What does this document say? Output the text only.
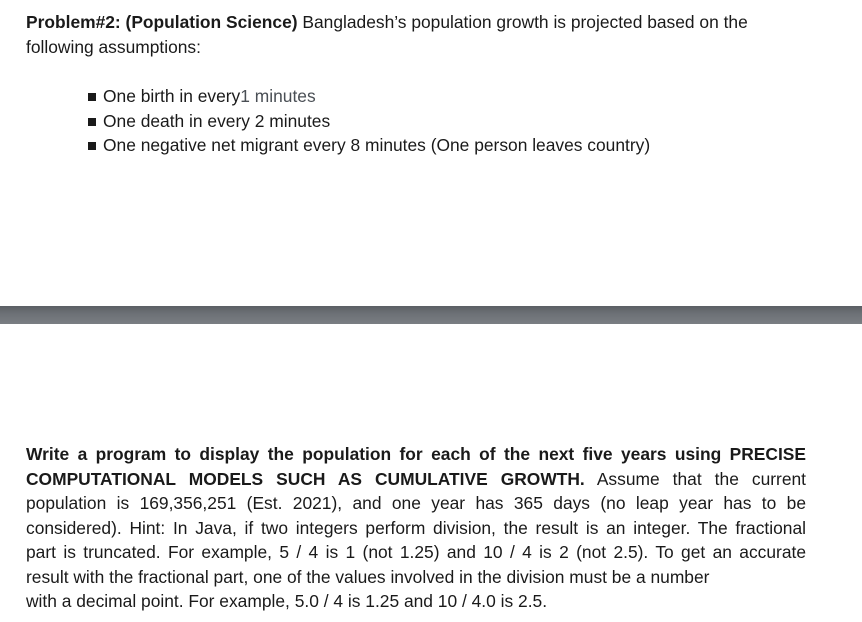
Problem#2: (Population Science) Bangladesh’s population growth is projected based on the following assumptions:

One birth in every 1 minutes
One death in every 2 minutes
One negative net migrant every 8 minutes (One person leaves country)
Write a program to display the population for each of the next five years using PRECISE
COMPUTATIONAL MODELS SUCH AS CUMULATIVE GROWTH. Assume that the current
population is 169,356,251 (Est. 2021), and one year has 365 days (no leap year has to be
considered). Hint: In Java, if two integers perform division, the result is an integer. The fractional
part is truncated. For example, 5 / 4 is 1 (not 1.25) and 10 / 4 is 2 (not 2.5). To get an accurate
result with the fractional part, one of the values involved in the division must be a number
with a decimal point. For example, 5.0 / 4 is 1.25 and 10 / 4.0 is 2.5.
